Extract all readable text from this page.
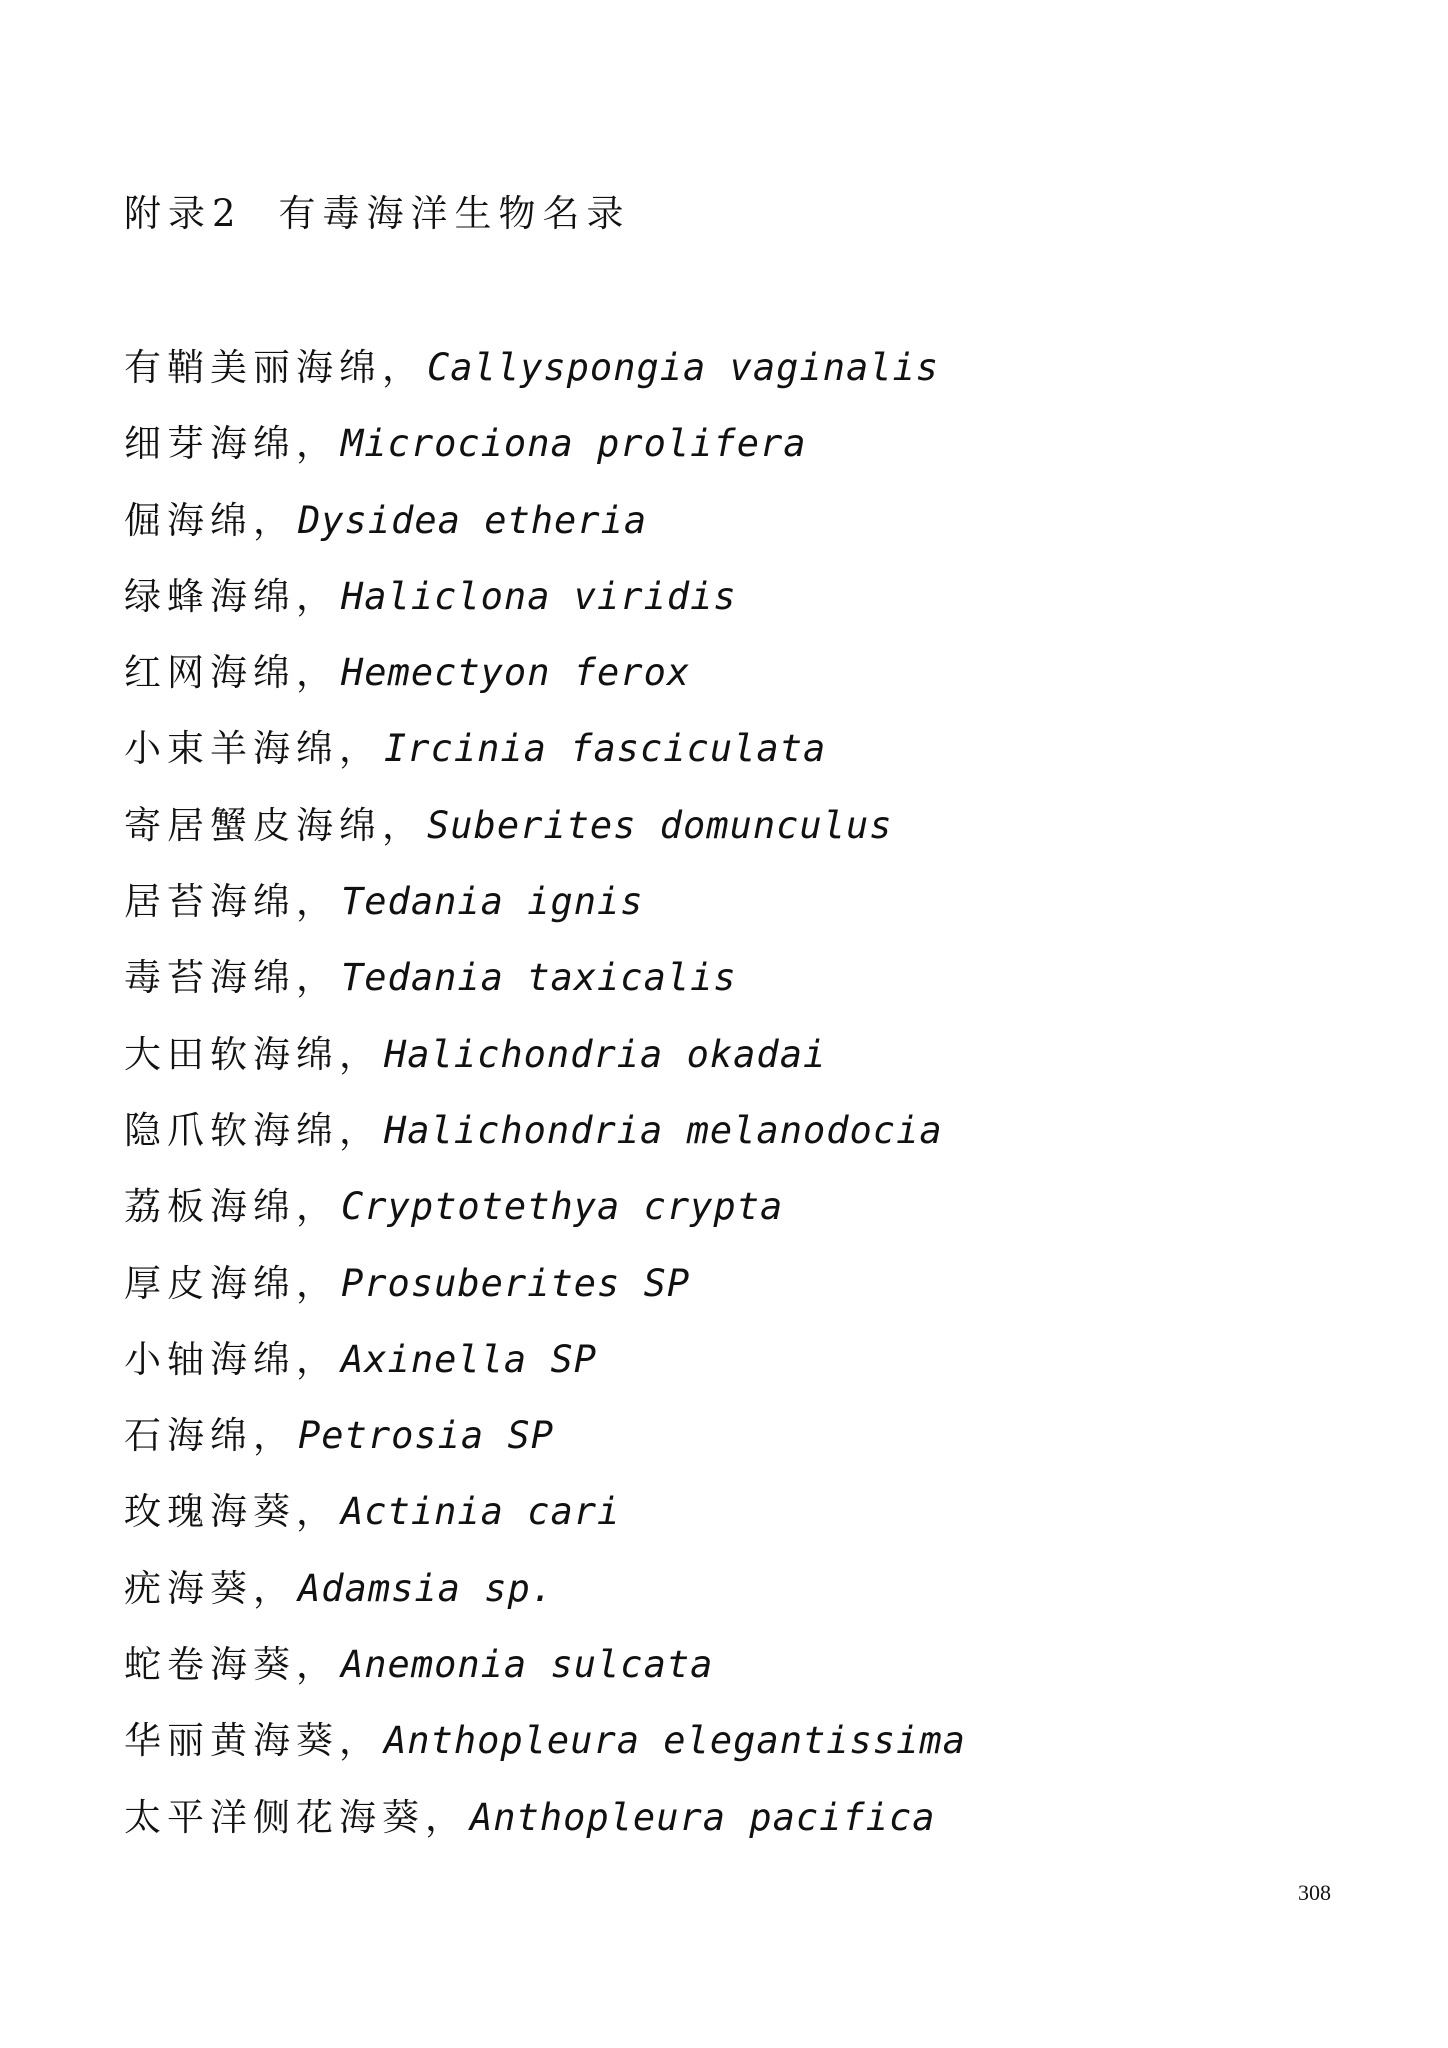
附录2 有毒海洋生物名录
有鞘美丽海绵， Callyspongia vaginalis
细芽海绵， Microciona prolifera
倔海绵， Dysidea etheria
绿蜂海绵， Haliclona viridis
红网海绵， Hemectyon ferox
小束羊海绵， Ircinia fasciculata
寄居蟹皮海绵， Suberites domunculus
居苔海绵， Tedania ignis
毒苔海绵， Tedania taxicalis
大田软海绵， Halichondria okadai
隐爪软海绵， Halichondria melanodocia
荔板海绵， Cryptotethya crypta
厚皮海绵， Prosuberites SP
小轴海绵， Axinella SP
石海绵， Petrosia SP
玫瑰海葵， Actinia cari
疣海葵， Adamsia sp.
蛇卷海葵， Anemonia sulcata
华丽黄海葵， Anthopleura elegantissima
太平洋侧花海葵， Anthopleura pacifica
308
